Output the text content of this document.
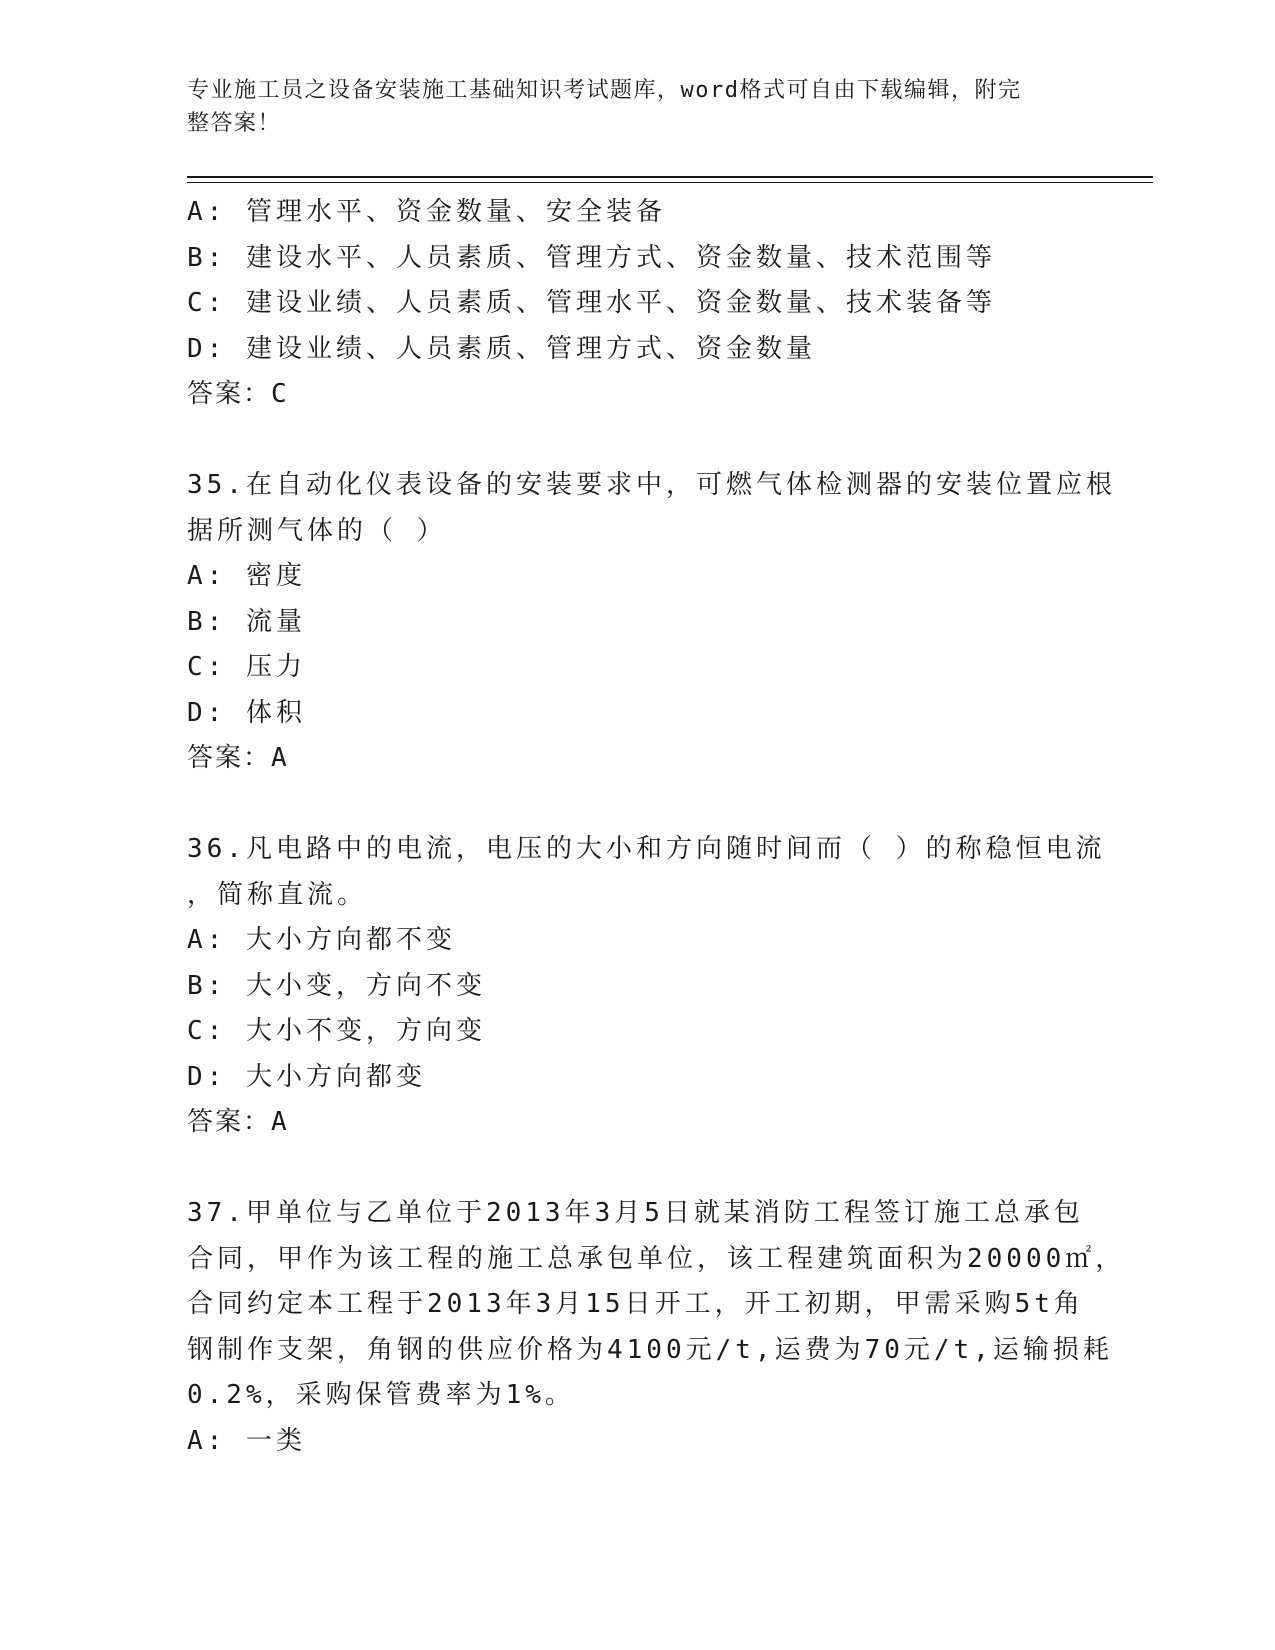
专业施工员之设备安装施工基础知识考试题库，word格式可自由下载编辑，附完
整答案！
A: 管理水平、资金数量、安全装备
B: 建设水平、人员素质、管理方式、资金数量、技术范围等
C: 建设业绩、人员素质、管理水平、资金数量、技术装备等
D: 建设业绩、人员素质、管理方式、资金数量
答案：C
35.在自动化仪表设备的安装要求中，可燃气体检测器的安装位置应根
据所测气体的（ ）
A: 密度
B: 流量
C: 压力
D: 体积
答案：A
36.凡电路中的电流，电压的大小和方向随时间而（ ）的称稳恒电流
，简称直流。
A: 大小方向都不变
B: 大小变，方向不变
C: 大小不变，方向变
D: 大小方向都变
答案：A
37.甲单位与乙单位于2013年3月5日就某消防工程签订施工总承包
合同，甲作为该工程的施工总承包单位，该工程建筑面积为20000㎡，
合同约定本工程于2013年3月15日开工，开工初期，甲需采购5t角
钢制作支架，角钢的供应价格为4100元/t,运费为70元/t,运输损耗
0.2%，采购保管费率为1%。
A: 一类
